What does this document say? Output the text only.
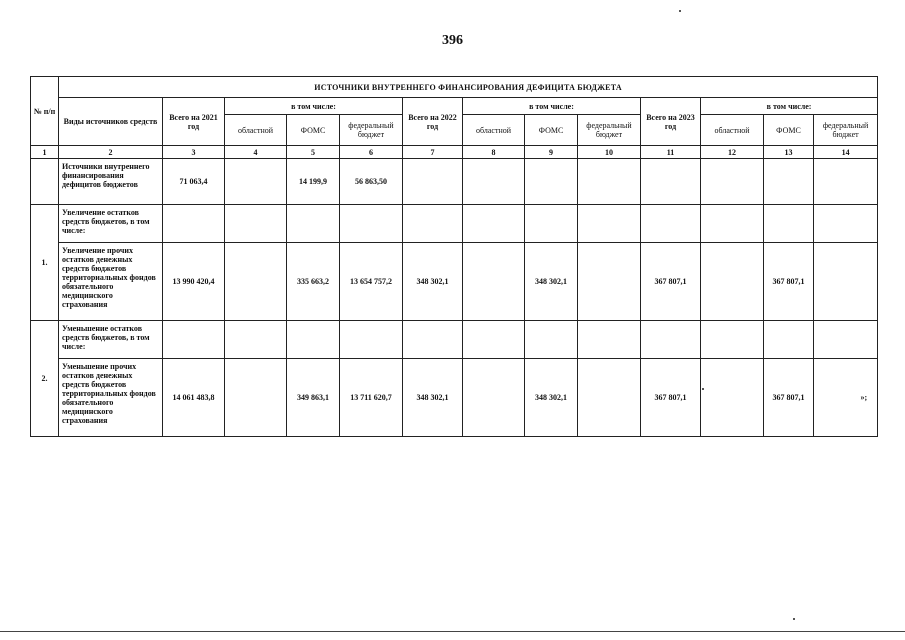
396
№ п/п	ИСТОЧНИКИ ВНУТРЕННЕГО ФИНАНСИРОВАНИЯ ДЕФИЦИТА БЮДЖЕТА												
	Виды источников средств	Всего на 2021 год	в том числе:			Всего на 2022 год	в том числе:			Всего на 2023 год	в том числе:		
			областной	ФОМС	федеральный бюджет		областной	ФОМС	федеральный бюджет		областной	ФОМС	федеральный бюджет
1	2	3	4	5	6	7	8	9	10	11	12	13	14
	Источники внутреннего финансирования дефицитов бюджетов	71 063,4		14 199,9	56 863,50								
1.	Увеличение остатков средств бюджетов, в том числе:												
	Увеличение прочих остатков денежных средств бюджетов территориальных фондов обязательного медицинского страхования	13 990 420,4		335 663,2	13 654 757,2	348 302,1		348 302,1		367 807,1		367 807,1	
2.	Уменьшение остатков средств бюджетов, в том числе:												
	Уменьшение прочих остатков денежных средств бюджетов территориальных фондов обязательного медицинского страхования	14 061 483,8		349 863,1	13 711 620,7	348 302,1		348 302,1		367 807,1		367 807,1	»;
